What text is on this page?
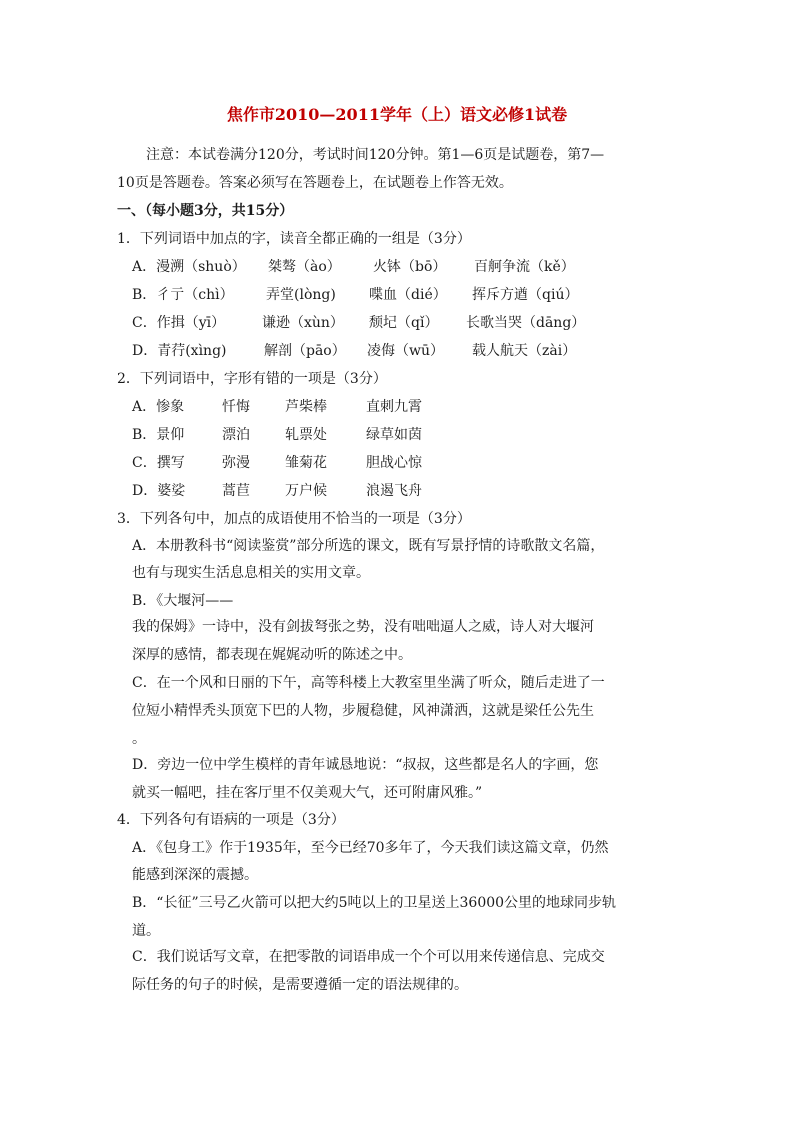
焦作市2010—2011学年（上）语文必修1试卷
注意：本试卷满分120分，考试时间120分钟。第1—6页是试题卷，第7—
10页是答题卷。答案必须写在答题卷上，在试题卷上作答无效。
一、（每小题3分，共15分）
1．下列词语中加点的字，读音全都正确的一组是（3分）
A．漫溯（shuò） 桀骜（ào） 火钵（bō） 百舸争流（kě）
B．彳亍（chì） 弄堂(lòng) 喋血（dié） 挥斥方遒（qiú）
C．作揖（yī）	谦逊（xùn） 颓圮（qǐ） 长歌当哭（dāng）
D．青荇(xìng)	解剖（pāo） 凌侮（wū） 载人航天（zài）
2．下列词语中，字形有错的一项是（3分）
A．惨象	忏悔	芦柴棒	直刺九霄
B．景仰	漂泊	轧票处	绿草如茵
C．撰写	弥漫	雏菊花	胆战心惊
D．婆娑	蒿苣	万户候	浪遏飞舟
3．下列各句中，加点的成语使用不恰当的一项是（3分）
A．本册教科书“阅读鉴赏”部分所选的课文，既有写景抒情的诗歌散文名篇，
也有与现实生活息息相关的实用文章。
B．《大堰河——
我的保姆》一诗中，没有剑拔弩张之势，没有咄咄逼人之威，诗人对大堰河
深厚的感情，都表现在娓娓动听的陈述之中。
C．在一个风和日丽的下午，高等科楼上大教室里坐满了听众，随后走进了一
位短小精悍秃头顶宽下巴的人物，步履稳健，风神潇洒，这就是梁任公先生
。
D．旁边一位中学生模样的青年诚恳地说：“叔叔，这些都是名人的字画，您
就买一幅吧，挂在客厅里不仅美观大气，还可附庸风雅。”
4．下列各句有语病的一项是（3分）
A．《包身工》作于1935年，至今已经70多年了，今天我们读这篇文章，仍然
能感到深深的震撼。
B．“长征”三号乙火箭可以把大约5吨以上的卫星送上36000公里的地球同步轨
道。
C．我们说话写文章，在把零散的词语串成一个个可以用来传递信息、完成交
际任务的句子的时候，是需要遵循一定的语法规律的。
